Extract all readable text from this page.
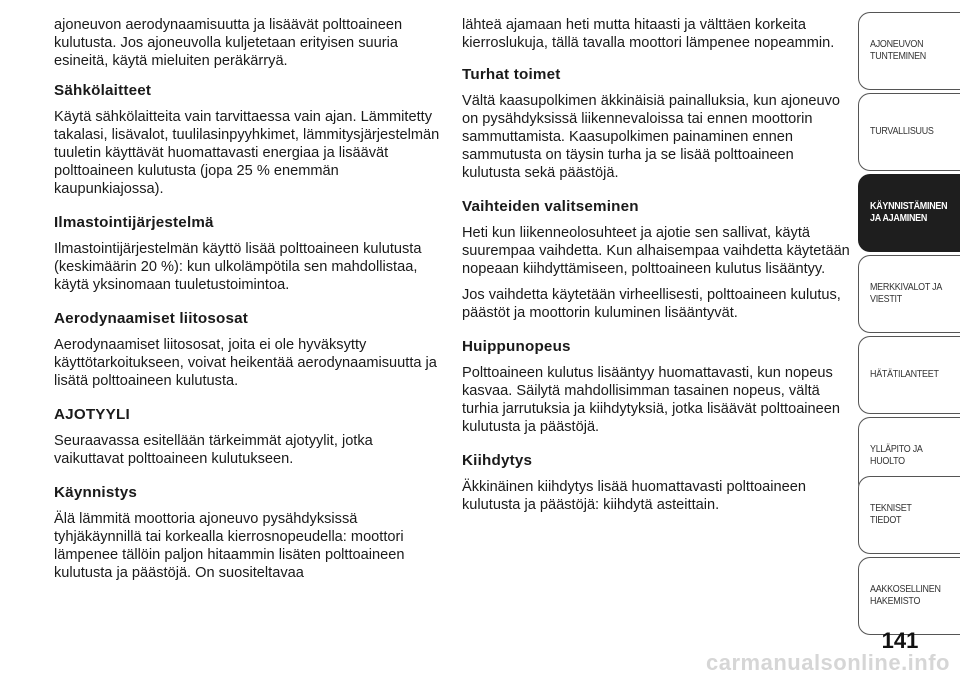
ajoneuvon aerodynaamisuutta ja lisäävät polttoaineen kulutusta. Jos ajoneuvolla kuljetetaan erityisen suuria esineitä, käytä mieluiten peräkärryä.

Sähkölaitteet

Käytä sähkölaitteita vain tarvittaessa vain ajan. Lämmitetty takalasi, lisävalot, tuulilasinpyyhkimet, lämmitysjärjestelmän tuuletin käyttävät huomattavasti energiaa ja lisäävät polttoaineen kulutusta (jopa 25 % enemmän kaupunkiajossa).

Ilmastointijärjestelmä

Ilmastointijärjestelmän käyttö lisää polttoaineen kulutusta (keskimäärin 20 %): kun ulkolämpötila sen mahdollistaa, käytä yksinomaan tuuletustoimintoa.

Aerodynaamiset liitososat

Aerodynaamiset liitososat, joita ei ole hyväksytty käyttötarkoitukseen, voivat heikentää aerodynaamisuutta ja lisätä polttoaineen kulutusta.

AJOTYYLI

Seuraavassa esitellään tärkeimmät ajotyylit, jotka vaikuttavat polttoaineen kulutukseen.

Käynnistys

Älä lämmitä moottoria ajoneuvo pysähdyksissä tyhjäkäynnillä tai korkealla kierrosnopeudella: moottori lämpenee tällöin paljon hitaammin lisäten polttoaineen kulutusta ja päästöjä. On suositeltavaa

lähteä ajamaan heti mutta hitaasti ja välttäen korkeita kierroslukuja, tällä tavalla moottori lämpenee nopeammin.

Turhat toimet

Vältä kaasupolkimen äkkinäisiä painalluksia, kun ajoneuvo on pysähdyksissä liikennevaloissa tai ennen moottorin sammuttamista. Kaasupolkimen painaminen ennen sammutusta on täysin turha ja se lisää polttoaineen kulutusta sekä päästöjä.

Vaihteiden valitseminen

Heti kun liikenneolosuhteet ja ajotie sen sallivat, käytä suurempaa vaihdetta. Kun alhaisempaa vaihdetta käytetään nopeaan kiihdyttämiseen, polttoaineen kulutus lisääntyy.

Jos vaihdetta käytetään virheellisesti, polttoaineen kulutus, päästöt ja moottorin kuluminen lisääntyvät.

Huippunopeus

Polttoaineen kulutus lisääntyy huomattavasti, kun nopeus kasvaa. Säilytä mahdollisimman tasainen nopeus, vältä turhia jarrutuksia ja kiihdytyksiä, jotka lisäävät polttoaineen kulutusta ja päästöjä.

Kiihdytys

Äkkinäinen kiihdytys lisää huomattavasti polttoaineen kulutusta ja päästöjä: kiihdytä asteittain.

AJONEUVON
TUNTEMINEN
TURVALLISUUS
KÄYNNISTÄMINEN
JA AJAMINEN
MERKKIVALOT JA
VIESTIT
HÄTÄTILANTEET
YLLÄPITO JA HUOLTO
TEKNISET TIEDOT
AAKKOSELLINEN
HAKEMISTO
141
carmanualsonline.info
